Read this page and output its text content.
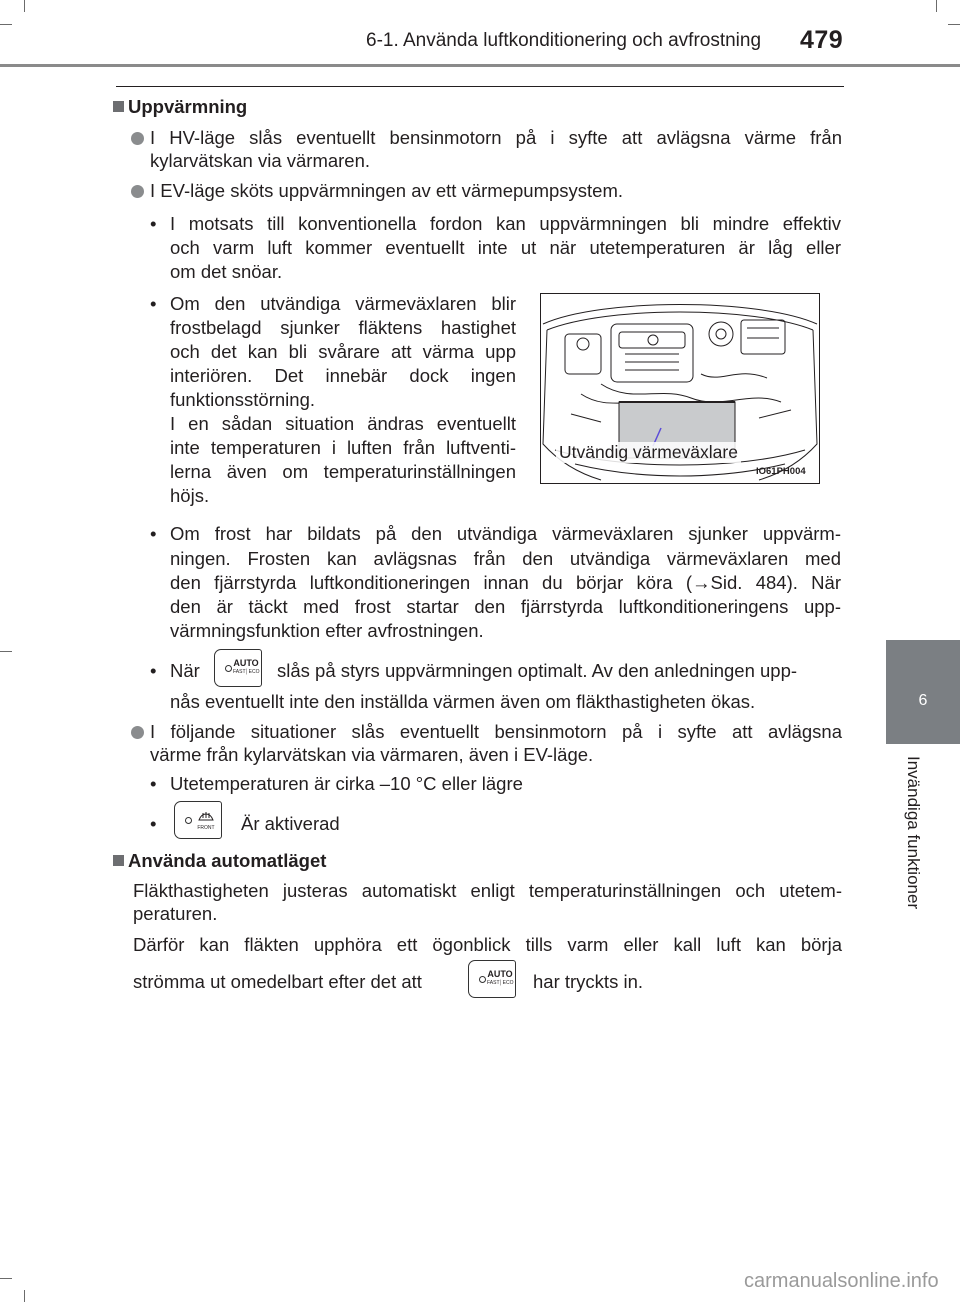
6-1. Använda luftkonditionering och avfrostning 479
6
Invändiga funktioner
Uppvärmning
I HV-läge slås eventuellt bensinmotorn på i syfte att avlägsna värme från
kylarvätskan via värmaren.
I EV-läge sköts uppvärmningen av ett värmepumpsystem.
• I motsats till konventionella fordon kan uppvärmningen bli mindre effektiv
och varm luft kommer eventuellt inte ut när utetemperaturen är låg eller
om det snöar.
• Om den utvändiga värmeväxlaren blir
frostbelagd sjunker fläktens hastighet
och det kan bli svårare att värma upp
interiören. Det innebär dock ingen
funktionsstörning.
I en sådan situation ändras eventuellt
inte temperaturen i luften från luftventi-
lerna även om temperaturinställningen
höjs.
Utvändig värmeväxlare
IO61PH004
• Om frost har bildats på den utvändiga värmeväxlaren sjunker uppvärm-
ningen. Frosten kan avlägsnas från den utvändiga värmeväxlaren med
den fjärrstyrda luftkonditioneringen innan du börjar köra (→Sid. 484). När
den är täckt med frost startar den fjärrstyrda luftkonditioneringens upp-
värmningsfunktion efter avfrostningen.
• När	AUTO
FAST│ECO slås på styrs uppvärmningen optimalt. Av den anledningen upp-
nås eventuellt inte den inställda värmen även om fläkthastigheten ökas.
I följande situationer slås eventuellt bensinmotorn på i syfte att avlägsna
värme från kylarvätskan via värmaren, även i EV-läge.
• Utetemperaturen är cirka –10 °C eller lägre
•	FRONT Är aktiverad
Använda automatläget
Fläkthastigheten justeras automatiskt enligt temperaturinställningen och utetem-
peraturen.
Därför kan fläkten upphöra ett ögonblick tills varm eller kall luft kan börja
strömma ut omedelbart efter det att	AUTO
FAST│ECO har tryckts in.
carmanualsonline.info
